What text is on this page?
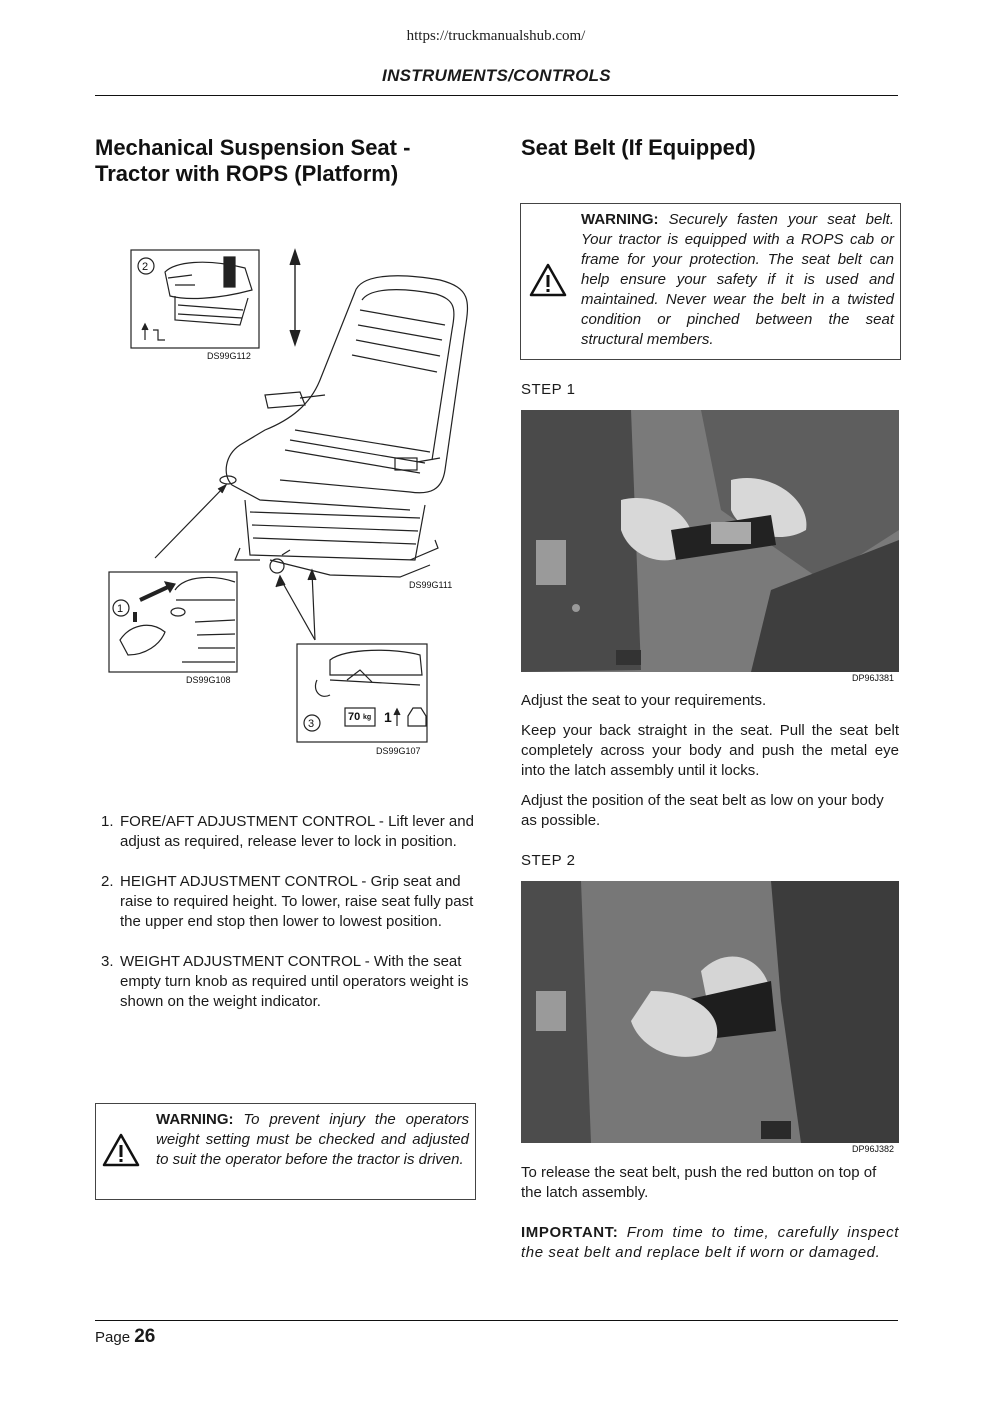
https://truckmanualshub.com/
INSTRUMENTS/CONTROLS
Mechanical Suspension Seat -
Tractor with ROPS (Platform)
Seat Belt (If Equipped)
2
1
3
70 kg 1
DS99G112
DS99G111
DS99G108
DS99G107
1. FORE/AFT ADJUSTMENT CONTROL - Lift lever and adjust as required, release lever to lock in position.
2. HEIGHT ADJUSTMENT CONTROL - Grip seat and raise to required height. To lower, raise seat fully past the upper end stop then lower to lowest position.
3. WEIGHT ADJUSTMENT CONTROL - With the seat empty turn knob as required until operators weight is shown on the weight indicator.
WARNING: To prevent injury the operators weight setting must be checked and adjusted to suit the operator before the tractor is driven.
WARNING: Securely fasten your seat belt. Your tractor is equipped with a ROPS cab or frame for your protection. The seat belt can help ensure your safety if it is used and maintained. Never wear the belt in a twisted condition or pinched between the seat structural members.
STEP 1
DP96J381

Adjust the seat to your requirements.

Keep your back straight in the seat. Pull the seat belt completely across your body and push the metal eye into the latch assembly until it locks.

Adjust the position of the seat belt as low on your body as possible.

STEP 2
DP96J382

To release the seat belt, push the red button on top of the latch assembly.

IMPORTANT: From time to time, carefully inspect the seat belt and replace belt if worn or damaged.

Page 26
